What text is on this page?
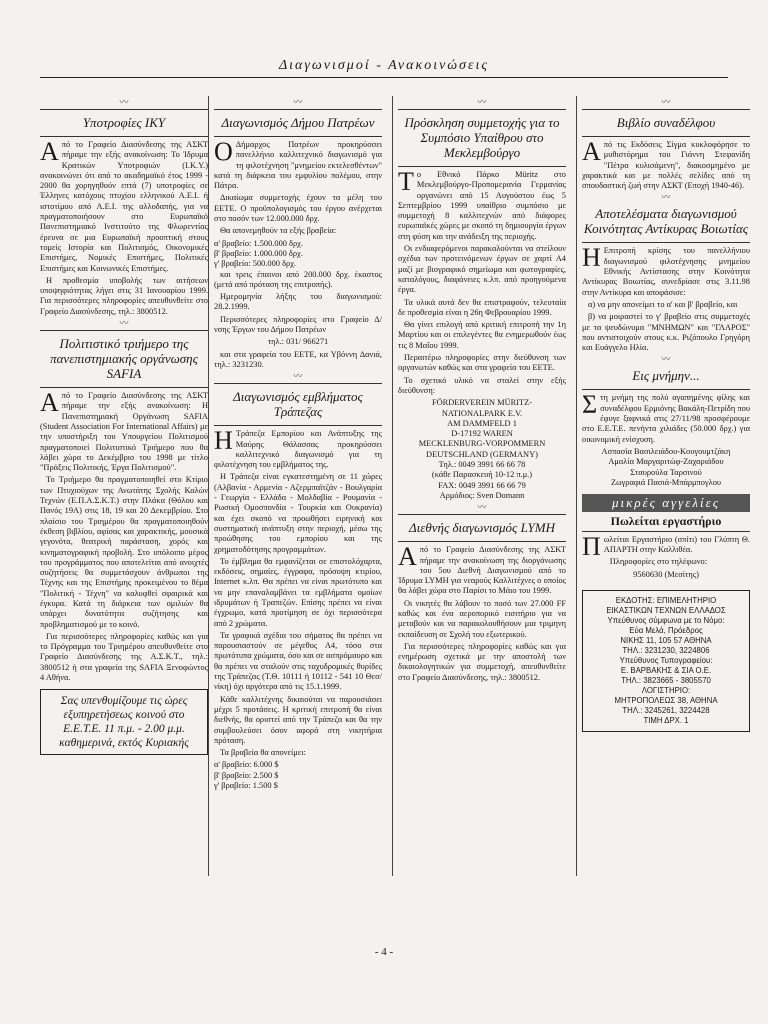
Διαγωνισμοί - Ανακοινώσεις
〰
Υποτροφίες ΙΚΥ

Από το Γραφείο Διασύνδεσης της ΑΣΚΤ πήραμε την εξής ανακοίνωση: Το Ίδρυμα Κρατικών Υποτροφιών (Ι.Κ.Υ.) ανακοινώνει ότι από το ακαδημαϊκό έτος 1999 - 2000 θα χορηγηθούν επτά (7) υποτροφίες σε Έλληνες κατόχους πτυχίου ελληνικού Α.Ε.Ι. ή ιστοτίμου από Α.Ε.Ι. της αλλοδαπής, για να πραγματοποιήσουν στο Ευρωπαϊκό Πανεπιστημιακό Ινστιτούτο της Φλωρεντίας έρευνα σε μια Ευρωπαϊκή προοπτική στους τομείς Ιστορία και Πολιτισμός, Οικονομικές Επιστήμες, Νομικές Επιστήμες, Πολιτικές Επιστήμες και Κοινωνικές Επιστήμες.

Η προθεσμία υποβολής των αιτήσεων υποψηφιότητας λήγει στις 31 Ιανουαρίου 1999. Για περισσότερες πληροφορίες απευθυνθείτε στο Γραφείο Διασύνδεσης, τηλ.: 3800512.

〰
Πολιτιστικό τριήμερο της πανεπιστημιακής οργάνωσης SAFIA

Από το Γραφείο Διασύνδεσης της ΑΣΚΤ πήραμε την εξής ανακοίνωση: Η Πανεπιστημιακή Οργάνωση SAFIA (Student Association For International Affairs) με την υποστήριξη του Υπουργείου Πολιτισμού πραγματοποιεί Πολιτιστικό Τριήμερο που θα λάβει χώρα το Δεκέμβριο του 1998 με τίτλο "Πράξεις Πολιτικής, Έργα Πολιτισμού".

Το Τριήμερο θα πραγματοποιηθεί στο Κτίριο των Πτυχιούχων της Ανωτάτης Σχολής Καλών Τεχνών (Ε.Π.Α.Σ.Κ.Τ.) στην Πλάκα (Θόλου και Πανός 19Α) στις 18, 19 και 20 Δεκεμβρίου. Στο πλαίσιο του Τριημέρου θα πραγματοποιηθούν έκθεση βιβλίου, αφίσας και χαρακτικής, μουσικά γεγονότα, θεατρική παράσταση, χορός και κινηματογραφική προβολή. Στο υπόλοιπο μέρος του προγράμματος που αποτελείται από ανοιχτές συζητήσεις θα συμμετάσχουν άνθρωποι της Τέχνης και της Επιστήμης προκειμένου το θέμα "Πολιτική - Τέχνη" να καλυφθεί σφαιρικά και έγκυρα. Κατά τη διάρκεια των ομιλιών θα υπάρχει δυνατότητα συζήτησης και προβληματισμού με το κοινό.

Για περισσότερες πληροφορίες καθώς και για το Πρόγραμμα του Τριημέρου απευθυνθείτε στο Γραφείο Διασύνδεσης της Α.Σ.Κ.Τ., τηλ.: 3800512 ή στα γραφεία της SAFIA Ξενοφώντος 4 Αθήνα.

Σας υπενθυμίζουμε τις ώρες εξυπηρετήσεως κοινού στο Ε.Ε.Τ.Ε. 11 π.μ. - 2.00 μ.μ. καθημερινά, εκτός Κυριακής
〰
Διαγωνισμός Δήμου Πατρέων

Ο Δήμαρχος Πατρέων προκηρύσσει πανελλήνιο καλλιτεχνικό διαγωνισμό για τη φιλοτέχνηση "μνημείου εκτελεσθέντων" κατά τη διάρκεια του εμφυλίου πολέμου, στην Πάτρα.

Δικαίωμα συμμετοχής έχουν τα μέλη του ΕΕΤΕ. Ο προϋπολογισμός του έργου ανέρχεται στο ποσόν των 12.000.000 δρχ.

Θα απονεμηθούν τα εξής βραβεία:

α' βραβείο: 1.500.000 δρχ.
β' βραβείο: 1.000.000 δρχ.
γ' βραβείο: 500.000 δρχ.

και τρεις έπαινοι από 200.000 δρχ. έκαστος (μετά από πρόταση της επιτροπής).

Ημερομηνία λήξης του διαγωνισμού: 28.2.1999.

Περισσότερες πληροφορίες στο Γραφείο Δ/νσης Έργων του Δήμου Πατρέων

τηλ.: 031/ 966271

και στα γραφεία του ΕΕΤΕ, κα Υβόννη Δανιά, τηλ.: 3231230.

〰
Διαγωνισμός εμβλήματος Τράπεζας

Η Τράπεζα Εμπορίου και Ανάπτυξης της Μαύρης Θάλασσας προκηρύσσει καλλιτεχνικό διαγωνισμό για τη φιλοτέχνηση του εμβλήματος της.

Η Τράπεζα είναι εγκατεστημένη σε 11 χώρες (Αλβανία - Αρμενία - Αζερμπαϊτζάν - Βουλγαρία - Γεωργία - Ελλάδα - Μολδαβία - Ρουμανία - Ρωσική Ομοσπονδία - Τουρκία και Ουκρανία) και έχει σκοπό να προωθήσει ειρηνική και συστηματική ανάπτυξη στην περιοχή, μέσω της προώθησης του εμπορίου και της χρηματοδότησης προγραμμάτων.

Το έμβλημα θα εμφανίζεται σε επιστολόχαρτα, εκδόσεις, σημαίες, έγγραφα, πρόσοψη κτιρίου, Internet κ.λπ. Θα πρέπει να είναι πρωτότυπο και να μην επαναλαμβάνει τα εμβλήματα ομοίων ιδρυμάτων ή Τραπεζών. Επίσης πρέπει να είναι έγχρωμο, κατά προτίμηση σε όχι περισσότερα από 2 χρώματα.

Τα γραφικά σχέδια του σήματος θα πρέπει να παρουσιαστούν σε μέγεθος Α4, τόσο στα πρωτότυπα χρώματα, όσο και σε ασπρόμαυρο και θα πρέπει να σταλούν στις ταχυδρομικές θυρίδες της Τράπεζας (Τ.Θ. 10111 ή 10112 - 541 10 Θεσ/νίκη) όχι αργότερα από τις 15.1.1999.

Κάθε καλλιτέχνης δικαιούται να παρουσιάσει μέχρι 5 προτάσεις. Η κριτική επιτροπή θα είναι διεθνής, θα οριστεί από την Τράπεζα και θα την συμβουλεύσει όσον αφορά στη νικητήρια πρόταση.

Τα βραβεία θα απονείμει:

α' βραβείο: 6.000 $
β' βραβείο: 2.500 $
γ' βραβείο: 1.500 $
〰
Πρόσκληση συμμετοχής για το Συμπόσιο Υπαίθρου στο Μεκλεμβούργο

Το Εθνικό Πάρκο Müritz στο Μεκλεμβούργο-Προπομερανία Γερμανίας οργανώνει από 15 Αυγούστου έως 5 Σεπτεμβρίου 1999 υπαίθριο συμπόσιο με συμμετοχή 8 καλλιτεχνών από διάφορες ευρωπαϊκές χώρες με σκοπό τη δημιουργία έργων στη φύση και την ανάδειξη της περιοχής.

Οι ενδιαφερόμενοι παρακαλούνται να στείλουν σχέδια των προτεινόμενων έργων σε χαρτί Α4 μαζί με βιογραφικό σημείωμα και φωτογραφίες, καταλόγους, διαφάνειες κ.λπ. από προηγούμενα έργα.

Τα υλικά αυτά δεν θα επιστραφούν, τελευταία δε προθεσμία είναι η 26η Φεβρουαρίου 1999.

Θα γίνει επιλογή από κριτική επιτροπή την 1η Μαρτίου και οι επιλεγέντες θα ενημερωθούν έως τις 8 Μαΐου 1999.

Περαιτέρω πληροφορίες στην διεύθυνση των οργανωτών καθώς και στα γραφεία του ΕΕΤΕ.

Το σχετικό υλικό να σταλεί στην εξής διεύθυνση:

FÖRDERVEREIN MÜRITZ-
NATIONALPARK E.V.
AM DAMMFELD 1
D-17192 WAREN
MECKLENBURG-VORPOMMERN
DEUTSCHLAND (GERMANY)
Τηλ.: 0049 3991 66 66 78
(κάθε Παρασκευή 10-12 π.μ.)
FAX: 0049 3991 66 66 79
Αρμόδιος: Sven Domann
〰
Διεθνής διαγωνισμός LYMH

Από το Γραφείο Διασύνδεσης της ΑΣΚΤ πήραμε την ανακοίνωση της διοργάνωσης του 5ου Διεθνή Διαγωνισμού από το Ίδρυμα LYMH για νεαρούς Καλλιτέχνες ο οποίος θα λάβει χώρα στο Παρίσι το Μάιο του 1999.

Οι νικητές θα λάβουν το ποσό των 27.000 FF καθώς και ένα αεροπορικό εισιτήριο για να μεταβούν και να παρακολουθήσουν μια τριμηνη εκπαίδευση σε Σχολή του εξωτερικού.

Για περισσότερες πληροφορίες καθώς και για ενημέρωση σχετικά με την αποστολή των δικαιολογητικών για συμμετοχή, απευθυνθείτε στο Γραφείο Διασύνδεσης, τηλ.: 3800512.

〰
Βιβλίο συναδέλφου

Από τις Εκδόσεις Σίγμα κυκλοφόρησε το μυθιστόρημα του Γιάννη Στεφανίδη "Πέτρα κυλισάμενη", διακοσμημένο με χαρακτικά και με πολλές σελίδες από τη σπουδαστική ζωή στην ΑΣΚΤ (Εποχή 1940-46).

〰
Αποτελέσματα διαγωνισμού Κοινότητας Αντίκυρας Βοιωτίας

Η Επιτροπή κρίσης του πανελλήνιου διαγωνισμού φιλοτέχνησης μνημείου Εθνικής Αντίστασης στην Κοινότητα Αντίκυρας Βοιωτίας, συνεδρίασε στις 3.11.98 στην Αντίκυρα και αποφάσισε:

α) να μην απονείμει το α' και β' βραβείο, και

β) να μοιραστεί το γ' βραβείο στις συμμετοχές με τα ψευδώνυμα "ΜΝΗΜΩΝ" και "ΓΛΑΡΟΣ" που αντιστοιχούν στους κ.κ. Ριζόπουλο Γρηγόρη και Ευάγγελο Ηλία.

〰
Εις μνήμην...

Στη μνήμη της πολύ αγαπημένης φίλης και συναδέλφου Ερμιόνης Βακάλη-Πετρίδη που έφυγε ξαφνικά στις 27/11/98 προσφέρουμε στο Ε.Ε.Τ.Ε. πενήντα χιλιάδες (50.000 δρχ.) για οικονομική ενίσχυση.

Ασπασία Βασιλειάδου-Κουγουμτζάκη
Αμαλία Μαργαριτώφ-Ζαχαριάδου
Σταυρούλα Ταρσινού
Ζωγραφιά Πασιά-Μπάρμπογλου
μικρές αγγελίες
Πωλείται εργαστήριο

Πωλείται Εργαστήριο (σπίτι) του Γλύπτη Θ. ΑΠΑΡΤΗ στην Καλλιθέα.

Πληροφορίες στο τηλέφωνο:

9560630 (Μεσίτης)

ΕΚΔΟΤΗΣ: ΕΠΙΜΕΛΗΤΗΡΙΟ
ΕΙΚΑΣΤΙΚΩΝ ΤΕΧΝΩΝ ΕΛΛΑΔΟΣ
Υπεύθυνος σύμφωνα με το Νόμο:
Εύα Μελά, Πρόεδρος
ΝΙΚΗΣ 11, 105 57 ΑΘΗΝΑ
ΤΗΛ.: 3231230, 3224806
Υπεύθυνος Τυπογραφείου:
Ε. ΒΑΡΒΑΚΗΣ & ΣΙΑ Ο.Ε.
ΤΗΛ.: 3823665 - 3805570
ΛΟΓΙΣΤΗΡΙΟ:
ΜΗΤΡΟΠΟΛΕΩΣ 38, ΑΘΗΝΑ
ΤΗΛ.: 3245261, 3224428
ΤΙΜΗ ΔΡΧ. 1
- 4 -
